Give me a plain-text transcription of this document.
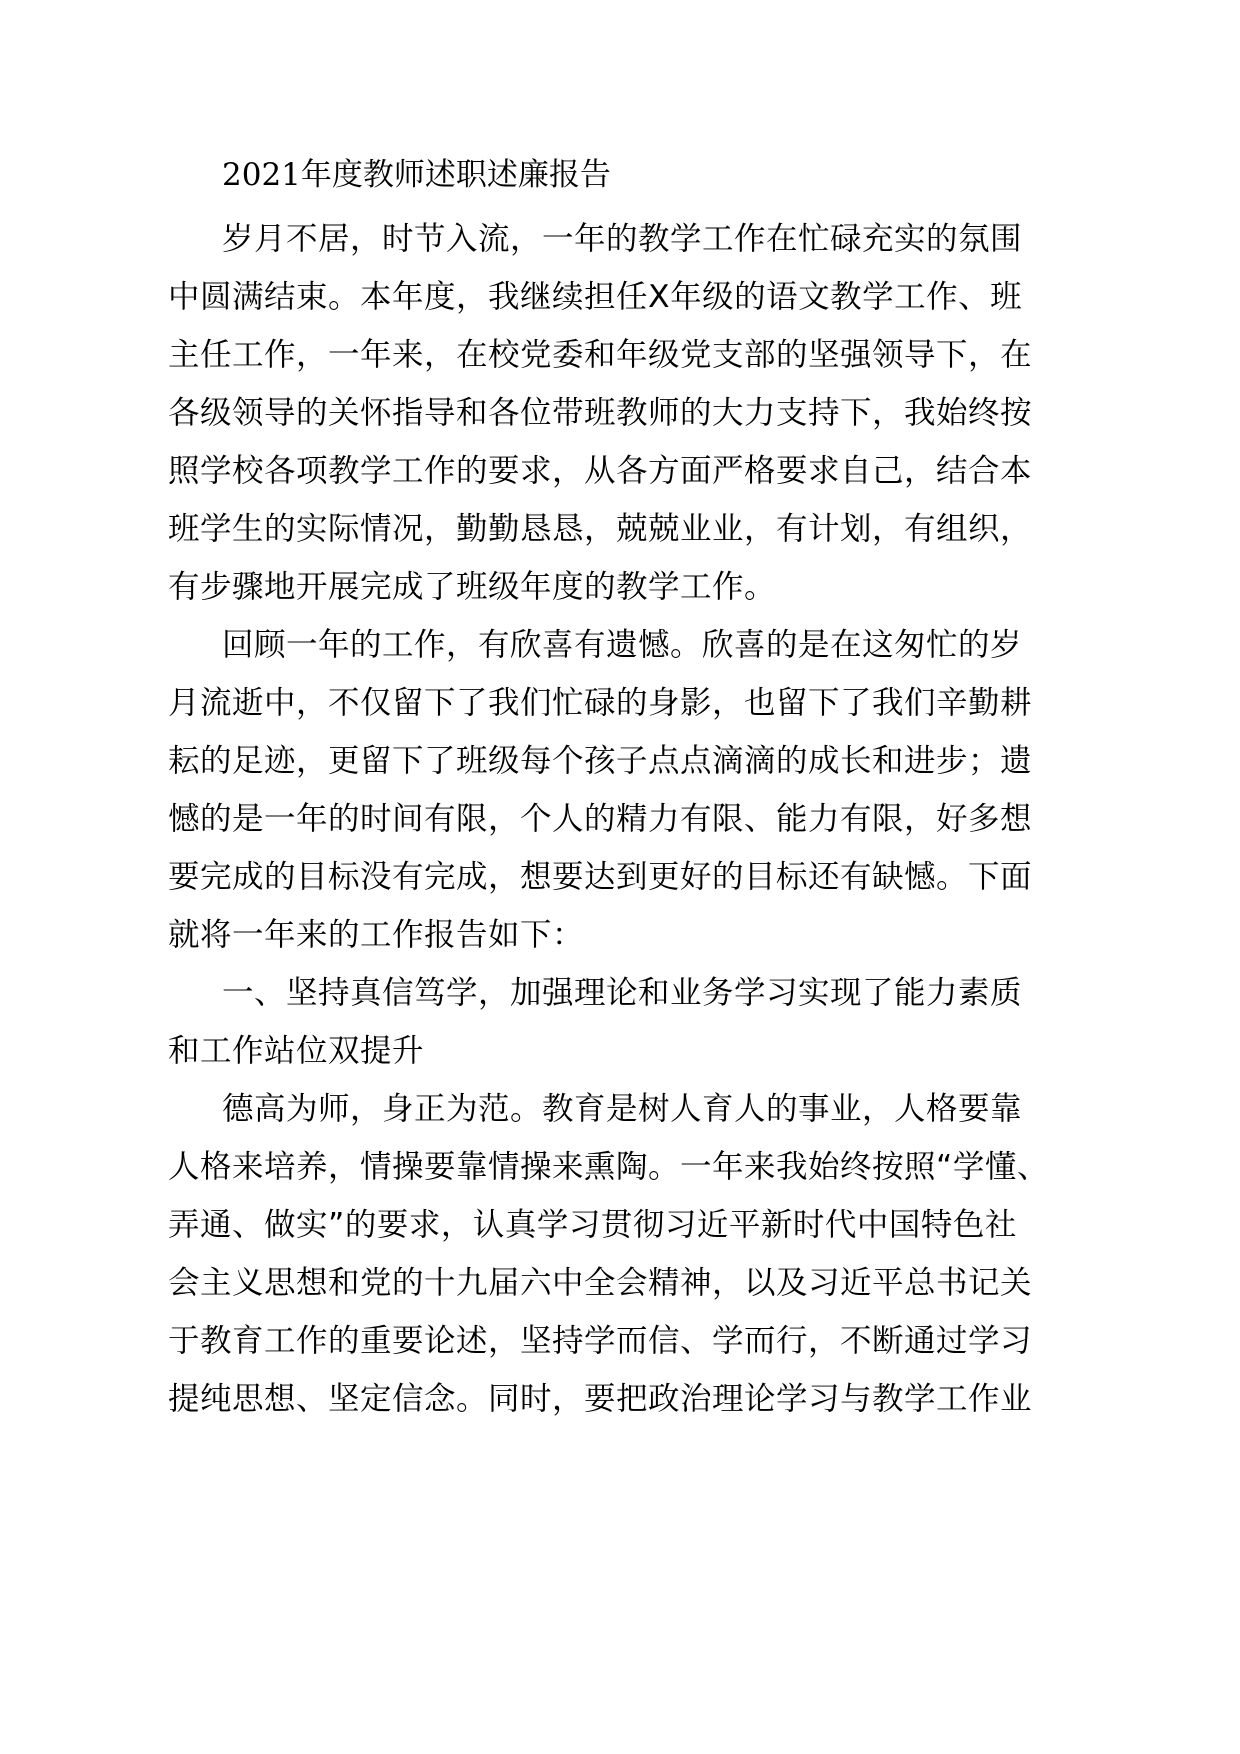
2021年度教师述职述廉报告
岁月不居，时节入流，一年的教学工作在忙碌充实的氛围
中圆满结束。本年度，我继续担任X年级的语文教学工作、班
主任工作，一年来，在校党委和年级党支部的坚强领导下，在
各级领导的关怀指导和各位带班教师的大力支持下，我始终按
照学校各项教学工作的要求，从各方面严格要求自己，结合本
班学生的实际情况，勤勤恳恳，兢兢业业，有计划，有组织，
有步骤地开展完成了班级年度的教学工作。
回顾一年的工作，有欣喜有遗憾。欣喜的是在这匆忙的岁
月流逝中，不仅留下了我们忙碌的身影，也留下了我们辛勤耕
耘的足迹，更留下了班级每个孩子点点滴滴的成长和进步；遗
憾的是一年的时间有限，个人的精力有限、能力有限，好多想
要完成的目标没有完成，想要达到更好的目标还有缺憾。下面
就将一年来的工作报告如下：
一、坚持真信笃学，加强理论和业务学习实现了能力素质
和工作站位双提升
德高为师，身正为范。教育是树人育人的事业，人格要靠
人格来培养，情操要靠情操来熏陶。一年来我始终按照“学懂、
弄通、做实”的要求，认真学习贯彻习近平新时代中国特色社
会主义思想和党的十九届六中全会精神，以及习近平总书记关
于教育工作的重要论述，坚持学而信、学而行，不断通过学习
提纯思想、坚定信念。同时，要把政治理论学习与教学工作业
